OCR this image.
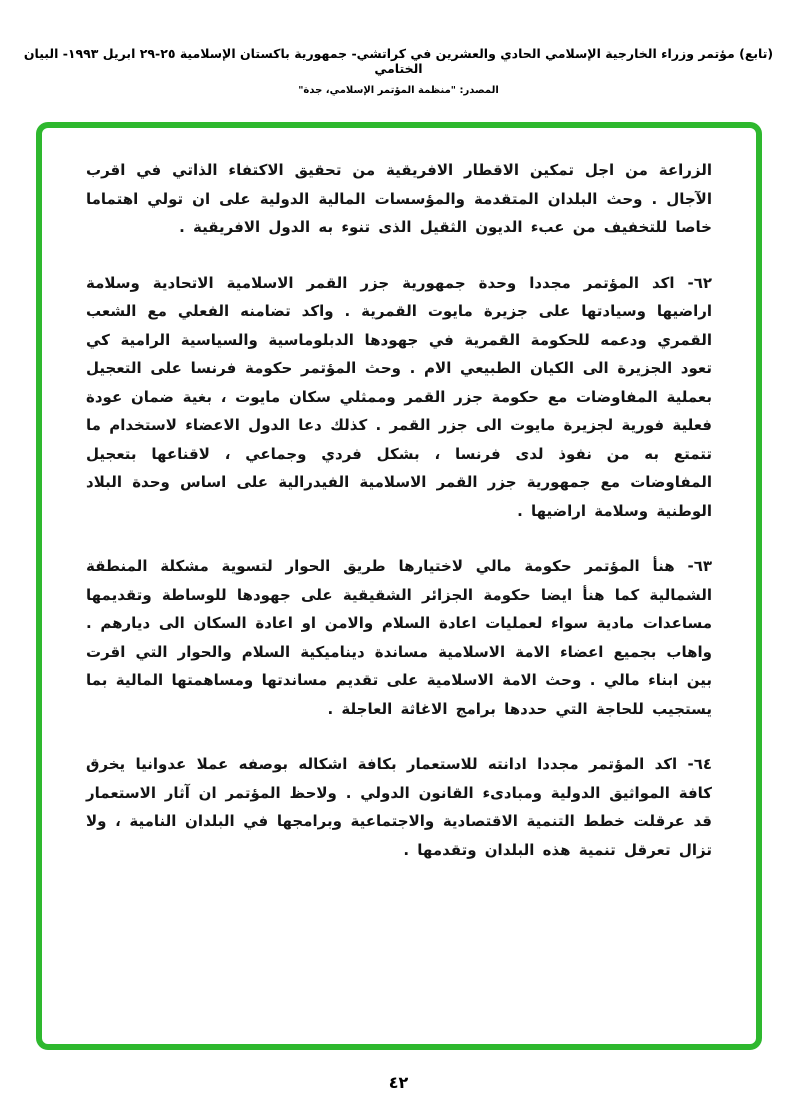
(تابع) مؤتمر وزراء الخارجية الإسلامي الحادي والعشرين في كراتشي- جمهورية باكستان الإسلامية ٢٥-٢٩ ابريل ١٩٩٣- البيان الختامي
المصدر: "منظمة المؤتمر الإسلامي، جدة"

الزراعة من اجل تمكين الاقطار الافريقية من تحقيق الاكتفاء الذاتي في اقرب الآجال . وحث البلدان المتقدمة والمؤسسات المالية الدولية على ان تولي اهتماما خاصا للتخفيف من عبء الديون الثقيل الذى تنوء به الدول الافريقية .

٦٢- اكد المؤتمر مجددا وحدة جمهورية جزر القمر الاسلامية الاتحادية وسلامة اراضيها وسيادتها على جزيرة مايوت القمرية . واكد تضامنه الفعلي مع الشعب القمري ودعمه للحكومة القمرية في جهودها الدبلوماسية والسياسية الرامية كي تعود الجزيرة الى الكيان الطبيعي الام . وحث المؤتمر حكومة فرنسا على التعجيل بعملية المفاوضات مع حكومة جزر القمر وممثلي سكان مايوت ، بغية ضمان عودة فعلية فورية لجزيرة مايوت الى جزر القمر . كذلك دعا الدول الاعضاء لاستخدام ما تتمتع به من نفوذ لدى فرنسا ، بشكل فردي وجماعي ، لاقناعها بتعجيل المفاوضات مع جمهورية جزر القمر الاسلامية الفيدرالية على اساس وحدة البلاد الوطنية وسلامة اراضيها .

٦٣- هنأ المؤتمر حكومة مالي لاختيارها طريق الحوار لتسوية مشكلة المنطقة الشمالية كما هنأ ايضا حكومة الجزائر الشقيقية على جهودها للوساطة وتقديمها مساعدات مادية سواء لعمليات اعادة السلام والامن او اعادة السكان الى ديارهم . واهاب بجميع اعضاء الامة الاسلامية مساندة ديناميكية السلام والحوار التي اقرت بين ابناء مالي . وحث الامة الاسلامية على تقديم مساندتها ومساهمتها المالية بما يستجيب للحاجة التي حددها برامج الاغاثة العاجلة .

٦٤- اكد المؤتمر مجددا ادانته للاستعمار بكافة اشكاله بوصفه عملا عدوانيا يخرق كافة المواثيق الدولية ومبادىء القانون الدولي . ولاحظ المؤتمر ان آثار الاستعمار قد عرقلت خطط التنمية الاقتصادية والاجتماعية وبرامجها في البلدان النامية ، ولا تزال تعرقل تنمية هذه البلدان وتقدمها .

٤٢
